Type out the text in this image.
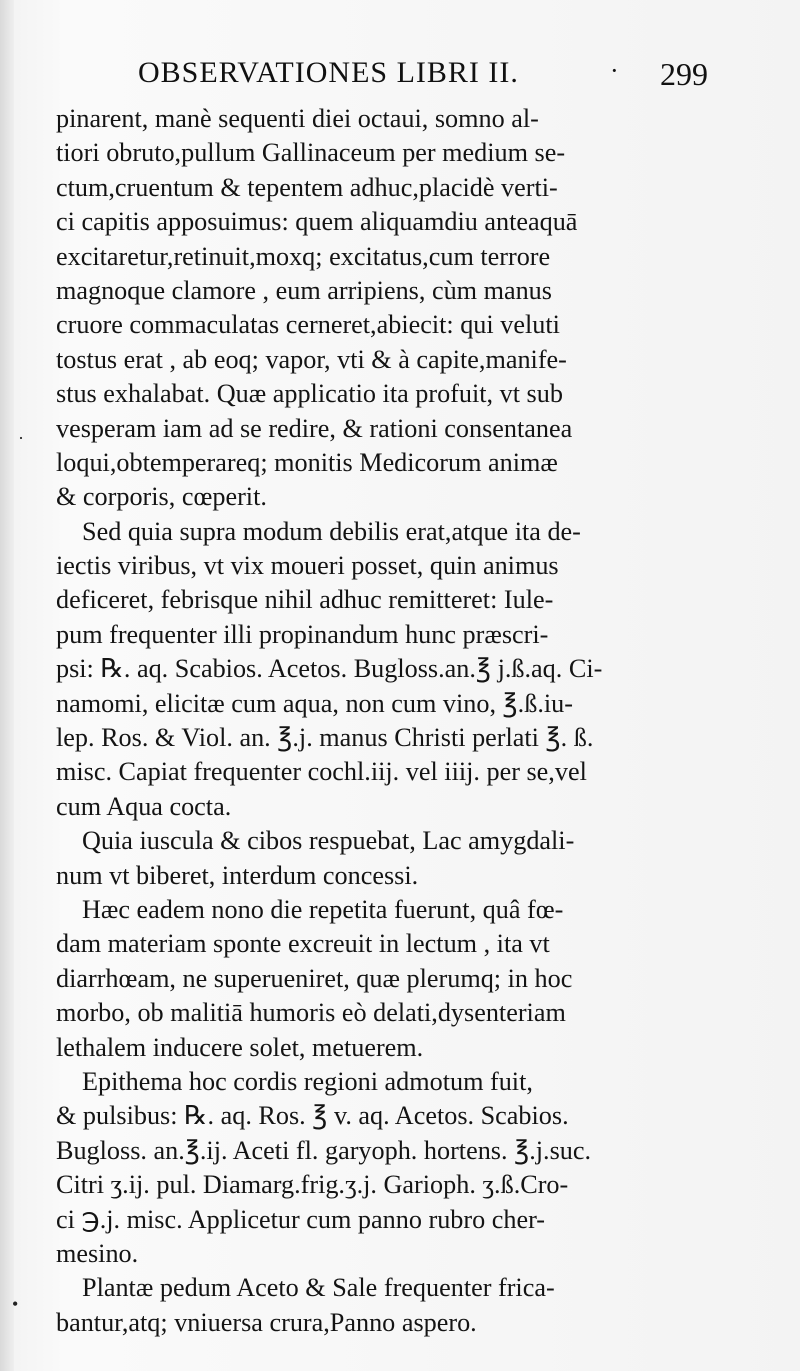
OBSERVATIONES LIBRI II.	· 299
pinarent, manè sequenti diei octaui, somno al-
tiori obruto,pullum Gallinaceum per medium se-
ctum,cruentum & tepentem adhuc,placidè verti-
ci capitis apposuimus: quem aliquamdiu anteaquā
excitaretur,retinuit,moxq; excitatus,cum terrore
magnoque clamore , eum arripiens, cùm manus
cruore commaculatas cerneret,abiecit: qui veluti
tostus erat , ab eoq; vapor, vti & à capite,manife-
stus exhalabat. Quæ applicatio ita profuit, vt sub
vesperam iam ad se redire, & rationi consentanea
loqui,obtemperareq; monitis Medicorum animæ
& corporis, cœperit.
Sed quia supra modum debilis erat,atque ita de-
iectis viribus, vt vix moueri posset, quin animus
deficeret, febrisque nihil adhuc remitteret: Iule-
pum frequenter illi propinandum hunc præscri-
psi: ℞. aq. Scabios. Acetos. Bugloss.an.℥ j.ß.aq. Ci-
namomi, elicitæ cum aqua, non cum vino, ℥.ß.iu-
lep. Ros. & Viol. an. ℥.j. manus Christi perlati ℥. ß.
misc. Capiat frequenter cochl.iij. vel iiij. per se,vel
cum Aqua cocta.
Quia iuscula & cibos respuebat, Lac amygdali-
num vt biberet, interdum concessi.
Hæc eadem nono die repetita fuerunt, quâ fœ-
dam materiam sponte excreuit in lectum , ita vt
diarrhœam, ne superueniret, quæ plerumq; in hoc
morbo, ob malitiā humoris eò delati,dysenteriam
lethalem inducere solet, metuerem.
Epithema hoc cordis regioni admotum fuit,
& pulsibus: ℞. aq. Ros. ℥ v. aq. Acetos. Scabios.
Bugloss. an.℥.ij. Aceti fl. garyoph. hortens. ℥.j.suc.
Citri ʒ.ij. pul. Diamarg.frig.ʒ.j. Garioph. ʒ.ß.Cro-
ci ℈.j. misc. Applicetur cum panno rubro cher-
mesino.
Plantæ pedum Aceto & Sale frequenter frica-
bantur,atq; vniuersa crura,Panno aspero.
·
•
